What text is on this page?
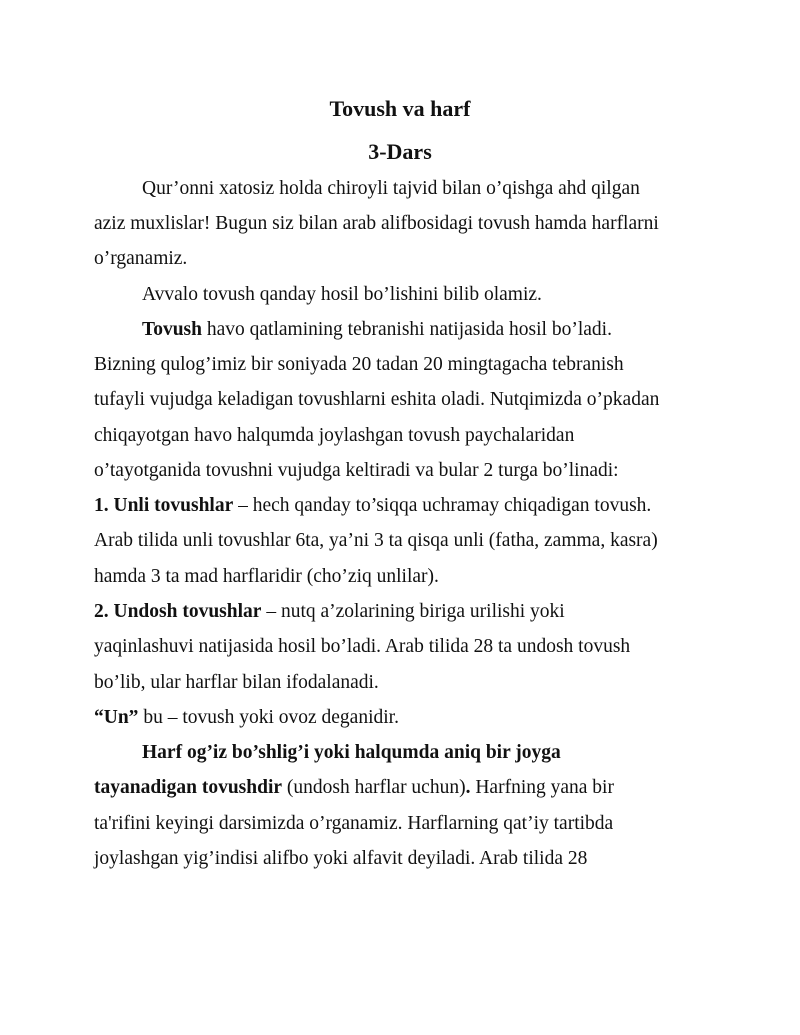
Tovush va harf
3-Dars
Qur’onni xatosiz holda chiroyli tajvid bilan o’qishga ahd qilgan
aziz muxlislar! Bugun siz bilan arab alifbosidagi tovush hamda harflarni
o’rganamiz.
Avvalo tovush qanday hosil bo’lishini bilib olamiz.
Tovush havo qatlamining tebranishi natijasida hosil bo’ladi.
Bizning qulog’imiz bir soniyada 20 tadan 20 mingtagacha tebranish
tufayli vujudga keladigan tovushlarni eshita oladi. Nutqimizda o’pkadan
chiqayotgan havo halqumda joylashgan tovush paychalaridan
o’tayotganida tovushni vujudga keltiradi va bular 2 turga bo’linadi:
1. Unli tovushlar – hech qanday to’siqqa uchramay chiqadigan tovush.
Arab tilida unli tovushlar 6ta, ya’ni 3 ta qisqa unli (fatha, zamma, kasra)
hamda 3 ta mad harflaridir (cho’ziq unlilar).
2. Undosh tovushlar – nutq a’zolarining biriga urilishi yoki
yaqinlashuvi natijasida hosil bo’ladi. Arab tilida 28 ta undosh tovush
bo’lib, ular harflar bilan ifodalanadi.
“Un” bu – tovush yoki ovoz deganidir.
Harf og’iz bo’shlig’i yoki halqumda aniq bir joyga
tayanadigan tovushdir (undosh harflar uchun). Harfning yana bir
ta'rifini keyingi darsimizda o’rganamiz. Harflarning qat’iy tartibda
joylashgan yig’indisi alifbo yoki alfavit deyiladi. Arab tilida 28
